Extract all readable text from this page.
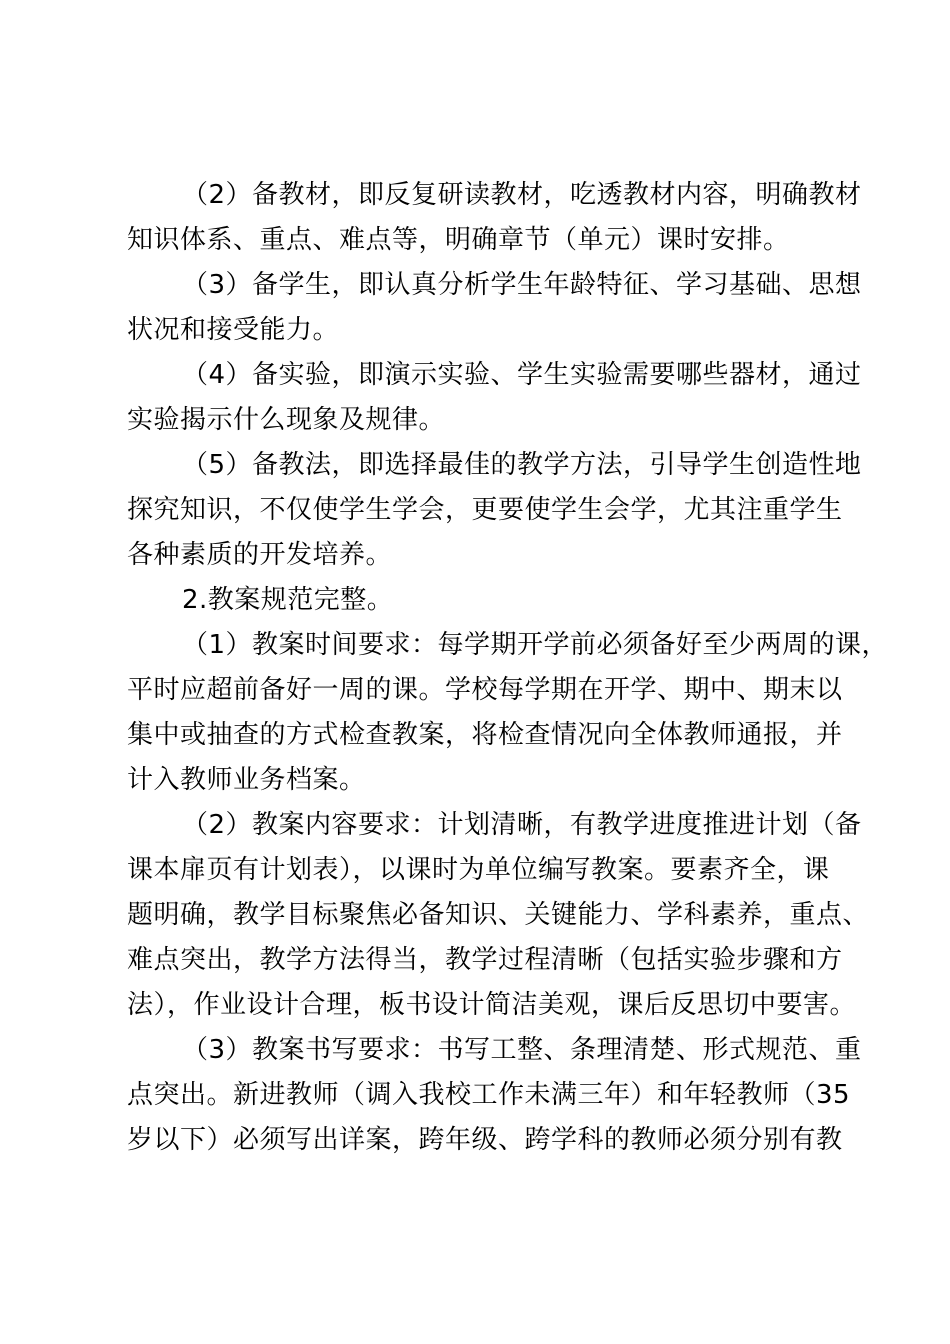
（2）备教材，即反复研读教材，吃透教材内容，明确教材

知识体系、重点、难点等，明确章节（单元）课时安排。

（3）备学生，即认真分析学生年龄特征、学习基础、思想

状况和接受能力。

（4）备实验，即演示实验、学生实验需要哪些器材，通过

实验揭示什么现象及规律。

（5）备教法，即选择最佳的教学方法，引导学生创造性地

探究知识，不仅使学生学会，更要使学生会学，尤其注重学生

各种素质的开发培养。

2.教案规范完整。

（1）教案时间要求：每学期开学前必须备好至少两周的课，

平时应超前备好一周的课。学校每学期在开学、期中、期末以

集中或抽查的方式检查教案，将检查情况向全体教师通报，并

计入教师业务档案。

（2）教案内容要求：计划清晰，有教学进度推进计划（备

课本扉页有计划表），以课时为单位编写教案。要素齐全，课

题明确，教学目标聚焦必备知识、关键能力、学科素养，重点、

难点突出，教学方法得当，教学过程清晰（包括实验步骤和方

法），作业设计合理，板书设计简洁美观，课后反思切中要害。

（3）教案书写要求：书写工整、条理清楚、形式规范、重

点突出。新进教师（调入我校工作未满三年）和年轻教师（35

岁以下）必须写出详案，跨年级、跨学科的教师必须分别有教
